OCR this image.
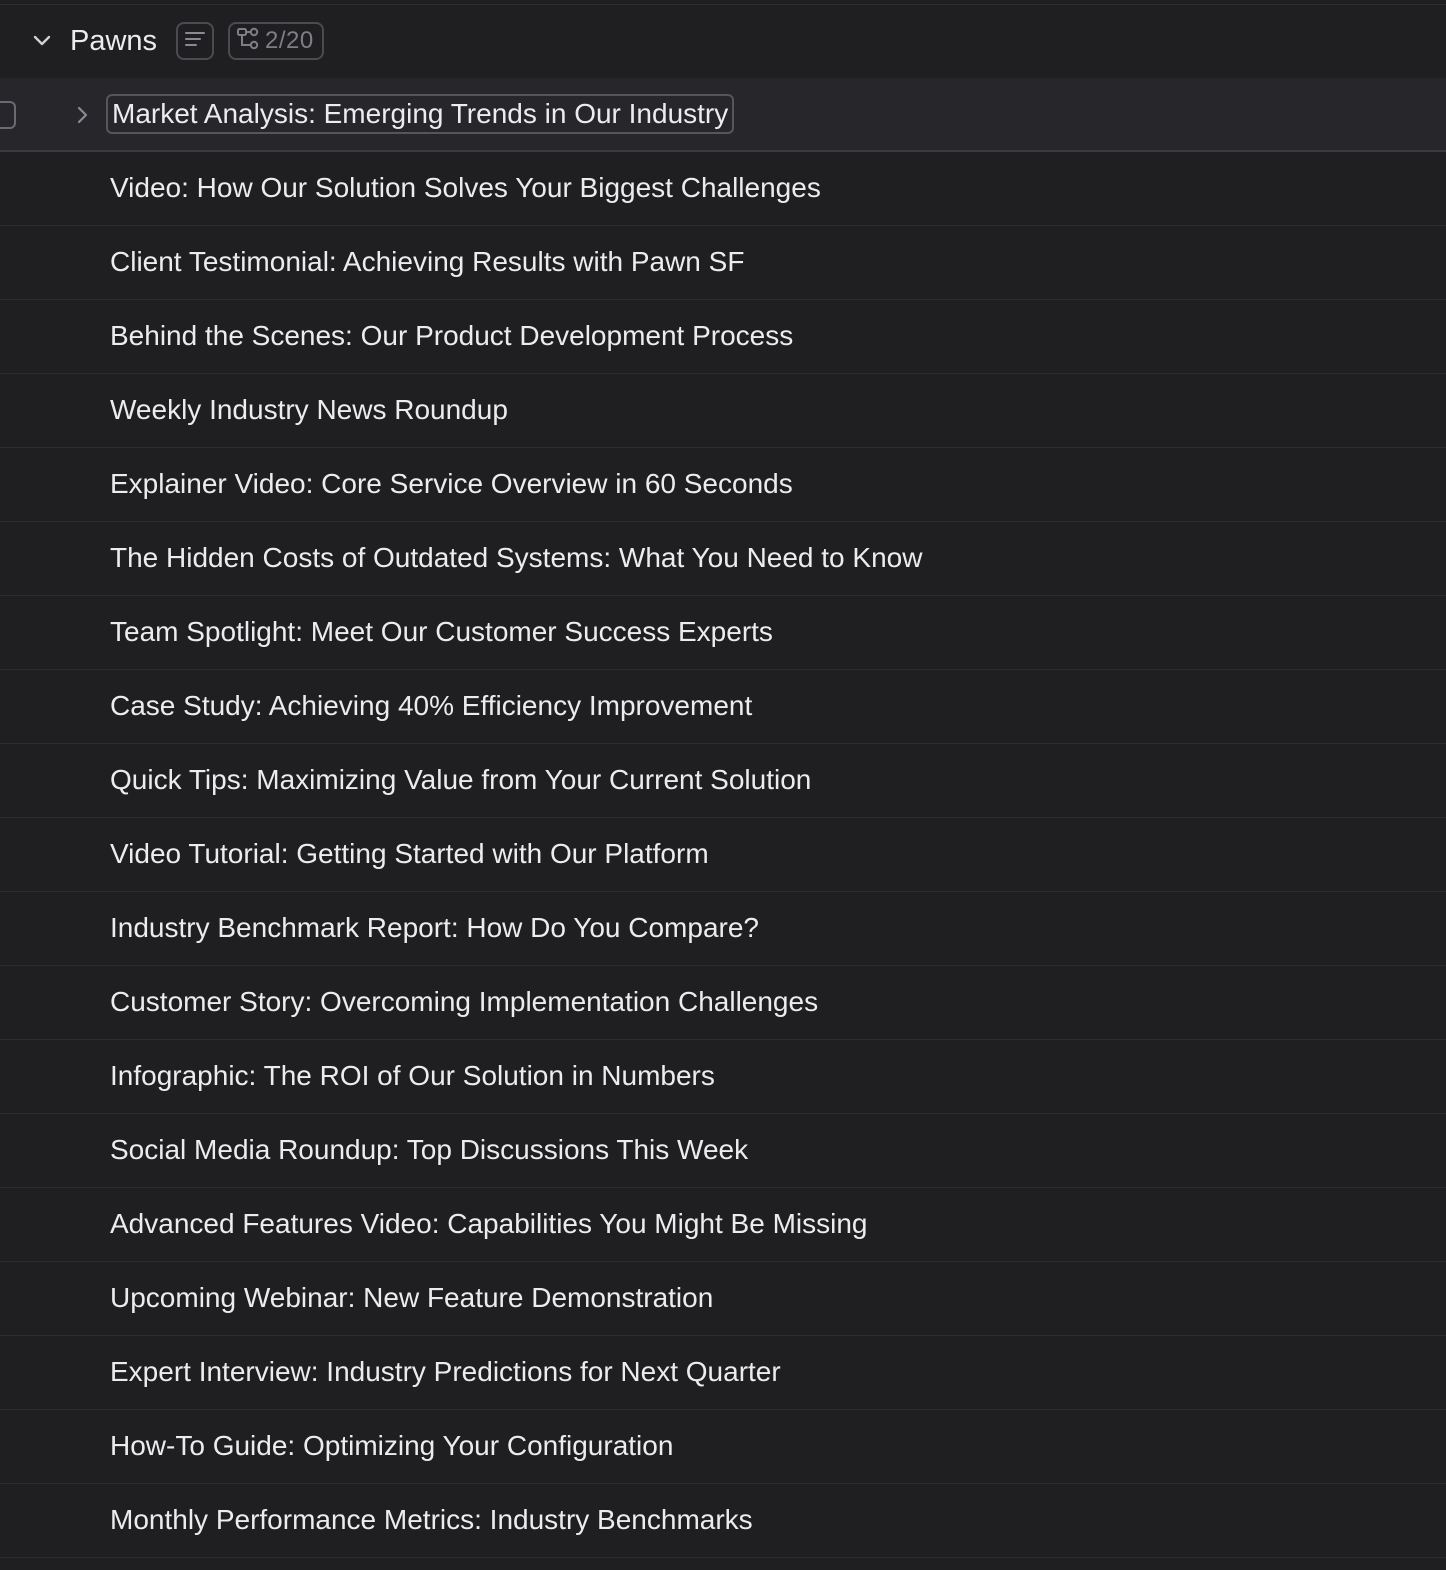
Pawns	2/20
Market Analysis: Emerging Trends in Our Industry
Video: How Our Solution Solves Your Biggest Challenges
Client Testimonial: Achieving Results with Pawn SF
Behind the Scenes: Our Product Development Process
Weekly Industry News Roundup
Explainer Video: Core Service Overview in 60 Seconds
The Hidden Costs of Outdated Systems: What You Need to Know
Team Spotlight: Meet Our Customer Success Experts
Case Study: Achieving 40% Efficiency Improvement
Quick Tips: Maximizing Value from Your Current Solution
Video Tutorial: Getting Started with Our Platform
Industry Benchmark Report: How Do You Compare?
Customer Story: Overcoming Implementation Challenges
Infographic: The ROI of Our Solution in Numbers
Social Media Roundup: Top Discussions This Week
Advanced Features Video: Capabilities You Might Be Missing
Upcoming Webinar: New Feature Demonstration
Expert Interview: Industry Predictions for Next Quarter
How-To Guide: Optimizing Your Configuration
Monthly Performance Metrics: Industry Benchmarks
